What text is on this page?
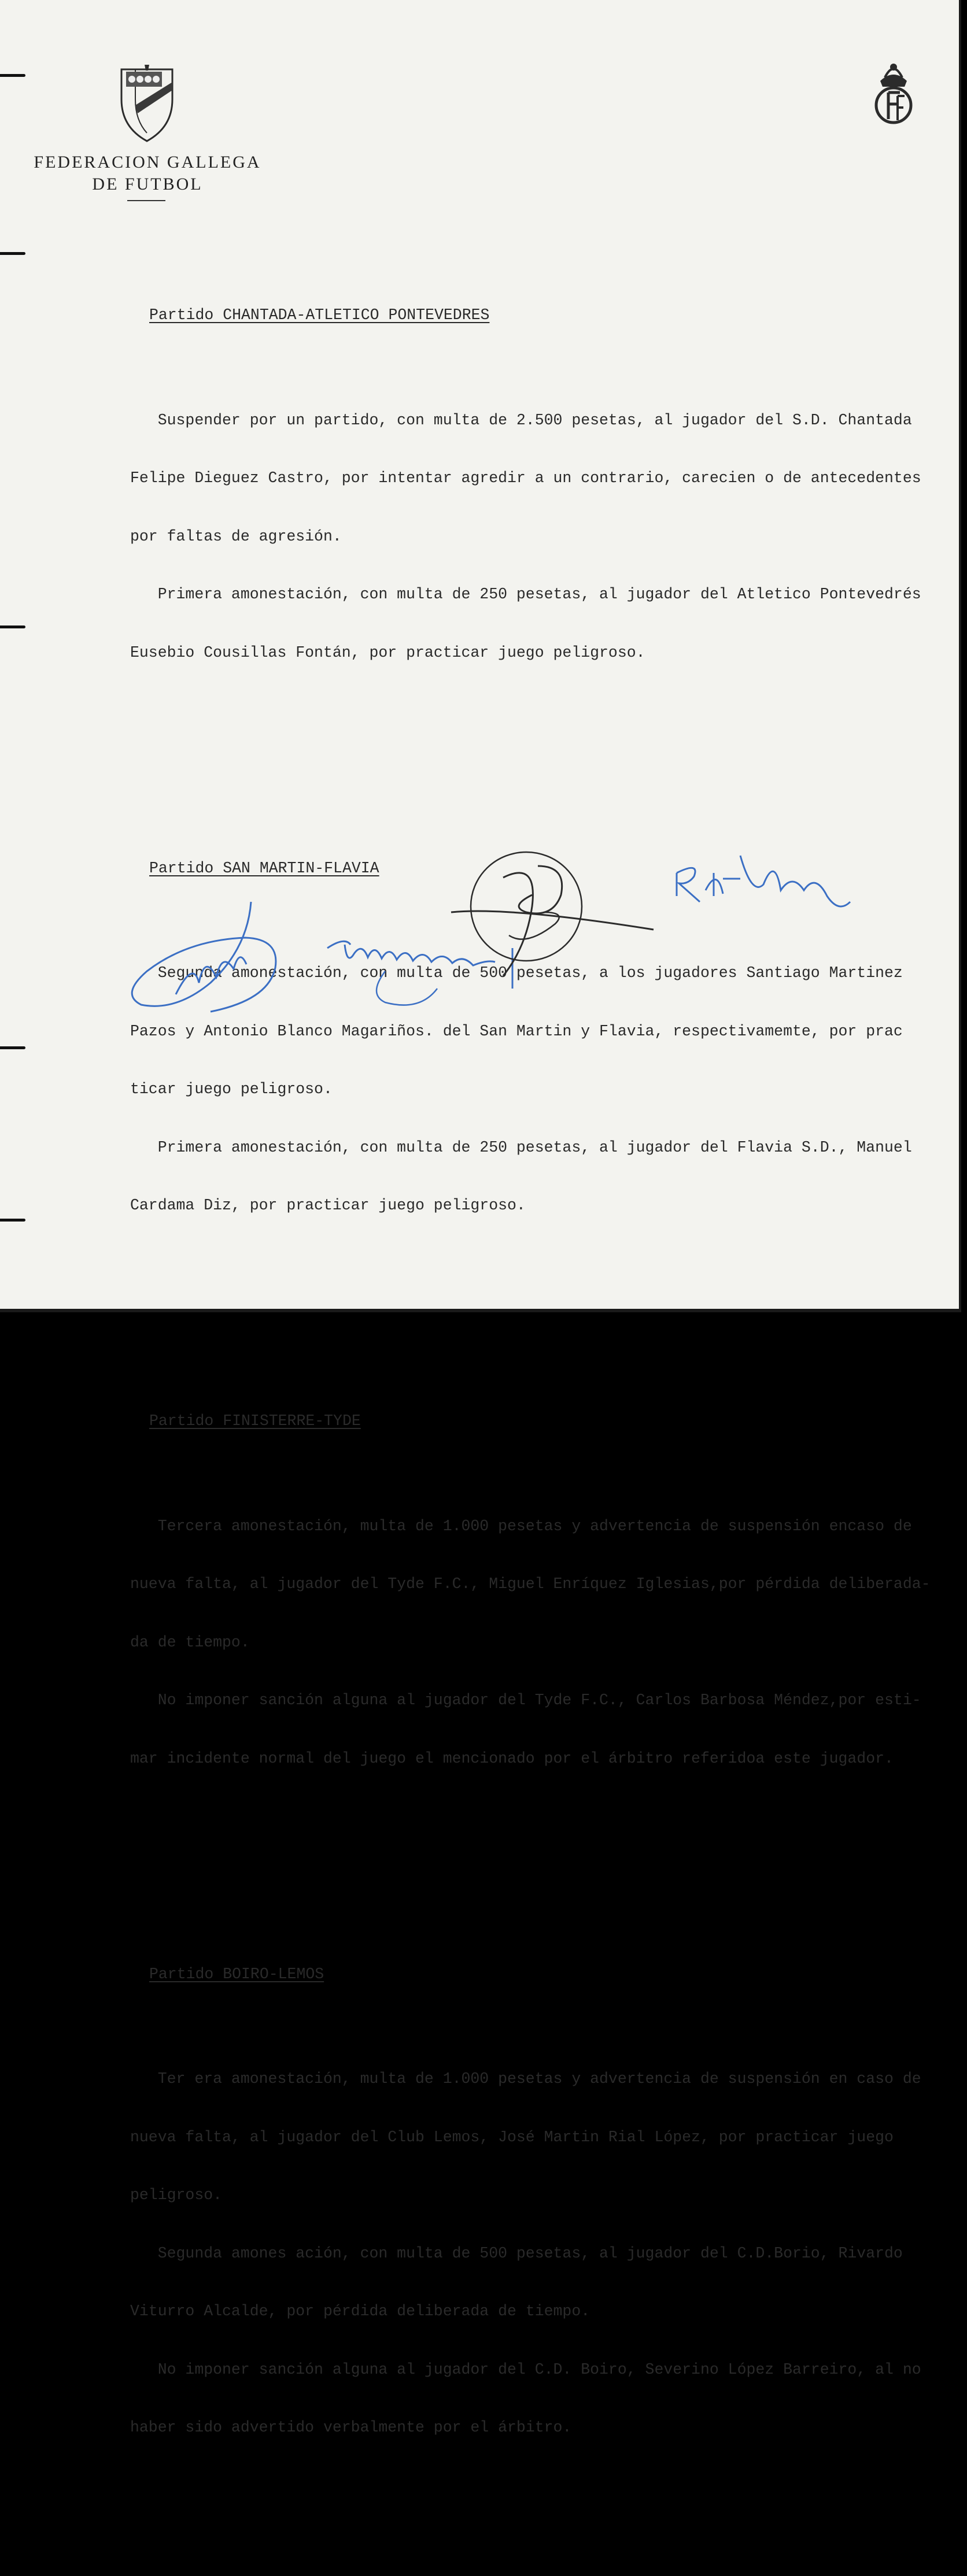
FEDERACION GALLEGA
DE FUTBOL

Partido CHANTADA-ATLETICO PONTEVEDRES

Suspender por un partido, con multa de 2.500 pesetas, al jugador del S.D. Chantada

Felipe Dieguez Castro, por intentar agredir a un contrario, carecien o de antecedentes

por faltas de agresión.

Primera amonestación, con multa de 250 pesetas, al jugador del Atletico Pontevedrés

Eusebio Cousillas Fontán, por practicar juego peligroso.

Partido SAN MARTIN-FLAVIA

Segunda amonestación, con multa de 500 pesetas, a los jugadores Santiago Martinez

Pazos y Antonio Blanco Magariños. del San Martin y Flavia, respectivamemte, por prac

ticar juego peligroso.

Primera amonestación, con multa de 250 pesetas, al jugador del Flavia S.D., Manuel

Cardama Diz, por practicar juego peligroso.

Partido FINISTERRE-TYDE

Tercera amonestación, multa de 1.000 pesetas y advertencia de suspensión encaso de

nueva falta, al jugador del Tyde F.C., Miguel Enríquez Iglesias,por pérdida deliberada-

da de tiempo.

No imponer sanción alguna al jugador del Tyde F.C., Carlos Barbosa Méndez,por esti-

mar incidente normal del juego el mencionado por el árbitro referidoa este jugador.

Partido BOIRO-LEMOS

Ter era amonestación, multa de 1.000 pesetas y advertencia de suspensión en caso de

nueva falta, al jugador del Club Lemos, José Martin Rial López, por practicar juego

peligroso.

Segunda amones ación, con multa de 500 pesetas, al jugador del C.D.Borio, Rivardo

Viturro Alcalde, por pérdida deliberada de tiempo.

No imponer sanción alguna al jugador del C.D. Boiro, Severino López Barreiro, al no

haber sido advertido verbalmente por el árbitro.
